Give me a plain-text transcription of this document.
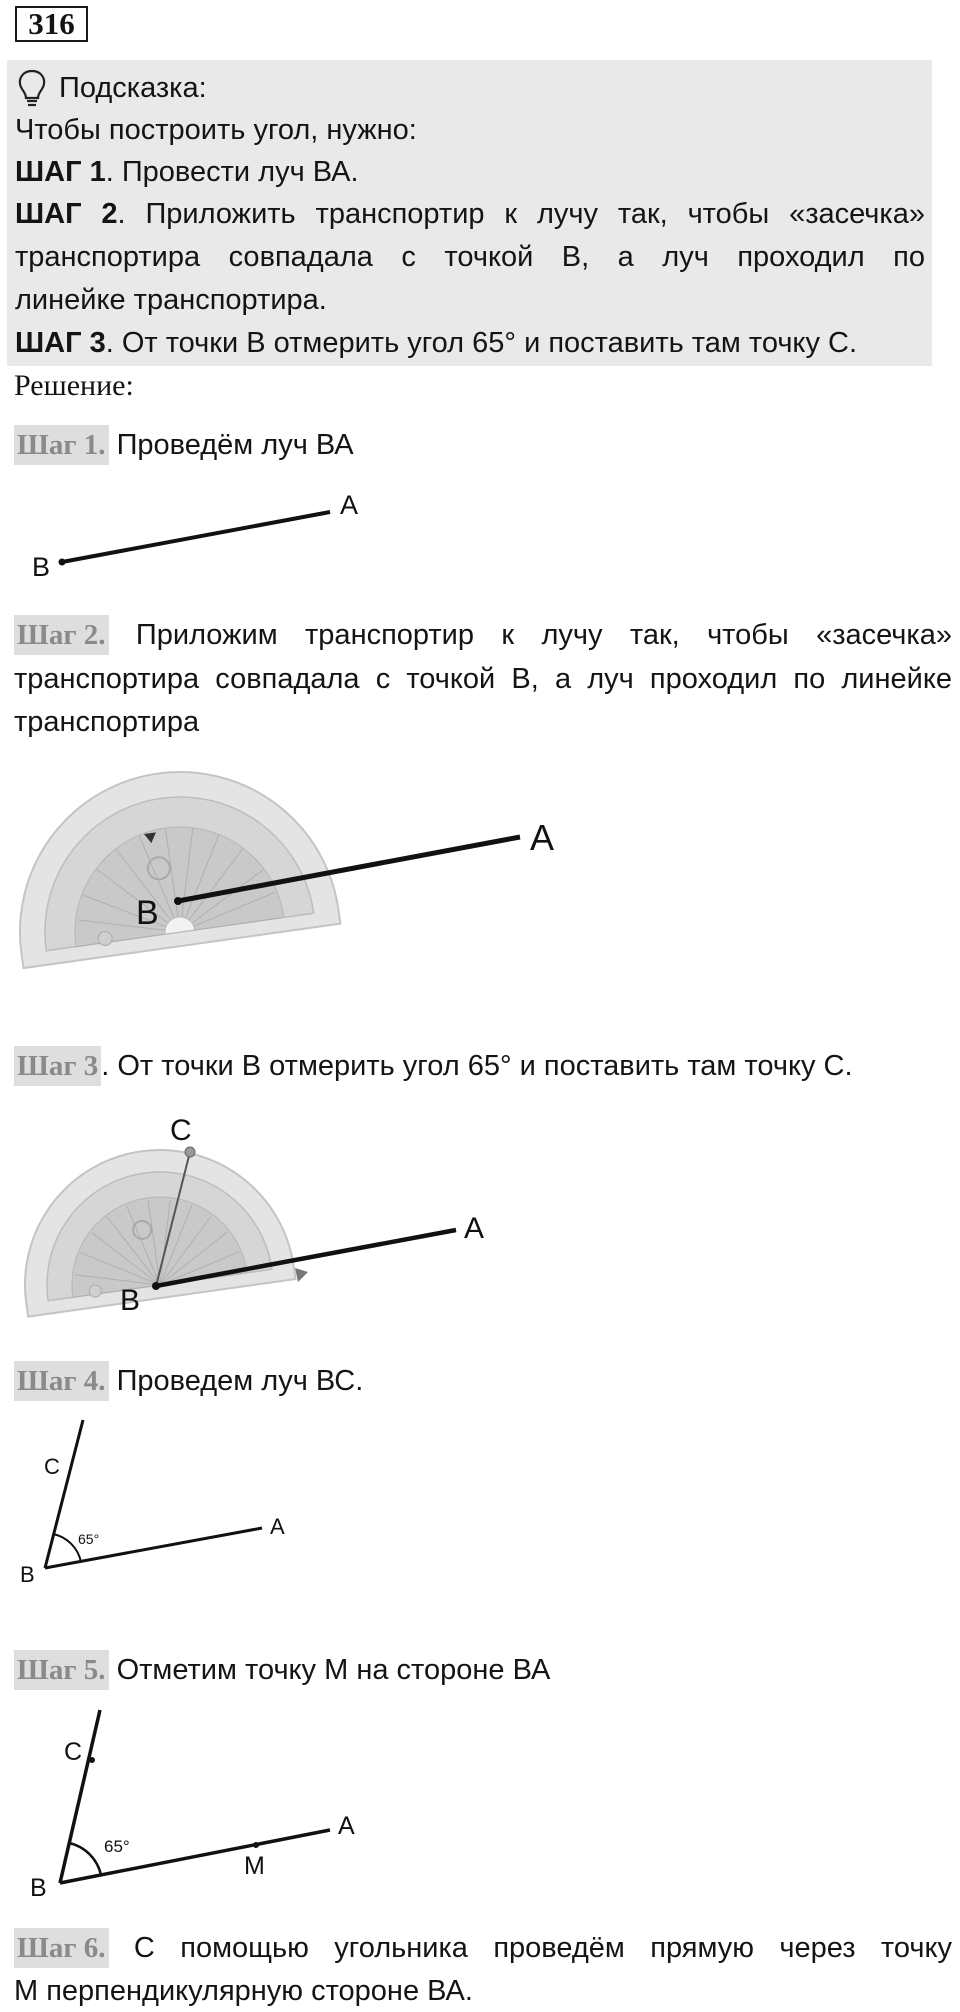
316
Подсказка:
Чтобы построить угол, нужно:
ШАГ 1. Провести луч ВА.
ШАГ 2. Приложить транспортир к лучу так, чтобы «засечка»
транспортира совпадала с точкой В, а луч проходил по
линейке транспортира.
ШАГ 3. От точки В отмерить угол 65° и поставить там точку С.
Решение:
Шаг 1. Проведём луч ВА
A
B
Шаг 2. Приложим транспортир к лучу так, чтобы «засечка»
транспортира совпадала с точкой В, а луч проходил по линейке
транспортира
A
B
Шаг 3 . От точки В отмерить угол 65° и поставить там точку С.
C
A
B
Шаг 4. Проведем луч ВС.
65°
C
A
B
Шаг 5. Отметим точку М на стороне ВА
65°
C
M
A
B
Шаг 6. С помощью угольника проведём прямую через точку
М перпендикулярную стороне ВА.
